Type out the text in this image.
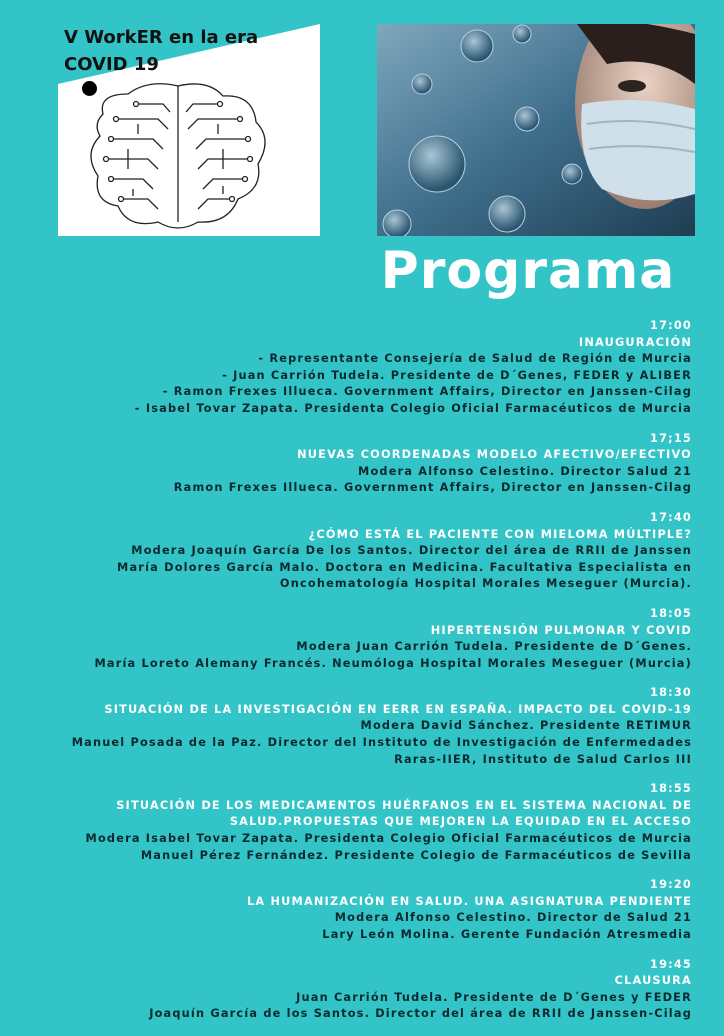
V WorkER en la era COVID 19
Programa
17:00
INAUGURACIÓN
- Representante Consejería de Salud de Región de Murcia
- Juan Carrión Tudela. Presidente de D´Genes, FEDER y ALIBER
- Ramon Frexes Illueca. Government Affairs, Director en Janssen-Cilag
- Isabel Tovar Zapata. Presidenta Colegio Oficial Farmacéuticos de Murcia
17;15
NUEVAS COORDENADAS MODELO AFECTIVO/EFECTIVO
Modera Alfonso Celestino. Director Salud 21
Ramon Frexes Illueca. Government Affairs, Director en Janssen-Cilag
17:40
¿CÓMO ESTÁ EL PACIENTE CON MIELOMA MÚLTIPLE?
Modera Joaquín García De los Santos. Director del área de RRII de Janssen
María Dolores García Malo. Doctora en Medicina. Facultativa Especialista en
Oncohematología Hospital Morales Meseguer (Murcia).
18:05
HIPERTENSIÓN PULMONAR Y COVID
Modera Juan Carrión Tudela. Presidente de D´Genes.
María Loreto Alemany Francés. Neumóloga Hospital Morales Meseguer (Murcia)
18:30
SITUACIÓN DE LA INVESTIGACIÓN EN EERR EN ESPAÑA. IMPACTO DEL COVID-19
Modera David Sánchez. Presidente RETIMUR
Manuel Posada de la Paz. Director del Instituto de Investigación de Enfermedades
Raras-IIER, Instituto de Salud Carlos III
18:55
SITUACIÓN DE LOS MEDICAMENTOS HUÉRFANOS EN EL SISTEMA NACIONAL DE
SALUD.PROPUESTAS QUE MEJOREN LA EQUIDAD EN EL ACCESO
Modera Isabel Tovar Zapata. Presidenta Colegio Oficial Farmacéuticos de Murcia
Manuel Pérez Fernández. Presidente Colegio de Farmacéuticos de Sevilla
19:20
LA HUMANIZACIÓN EN SALUD. UNA ASIGNATURA PENDIENTE
Modera Alfonso Celestino. Director de Salud 21
Lary León Molina. Gerente Fundación Atresmedia
19:45
CLAUSURA
Juan Carrión Tudela. Presidente de D´Genes y FEDER
Joaquín García de los Santos. Director del área de RRII de Janssen-Cilag
